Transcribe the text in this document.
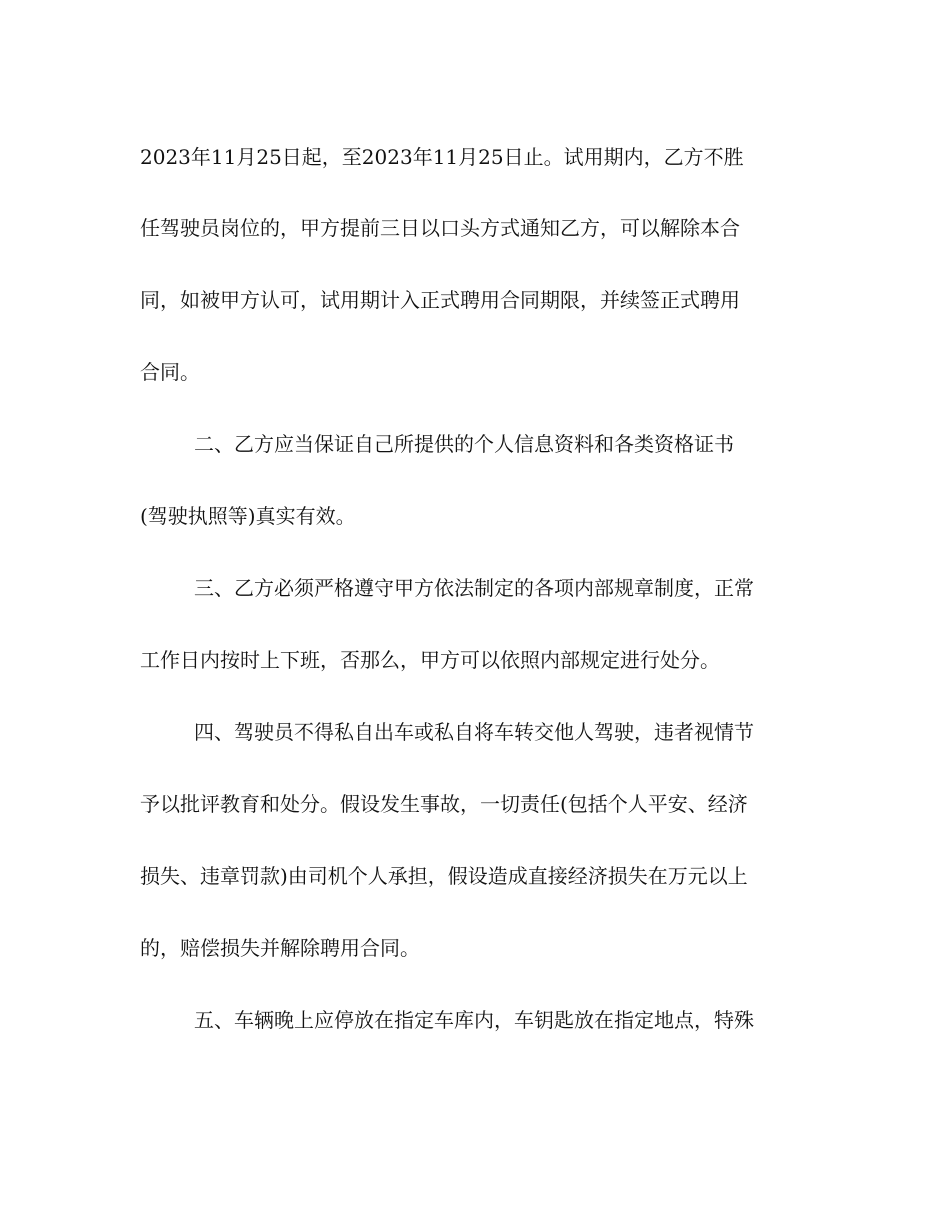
2023年11月25日起，至2023年11月25日止。试用期内，乙方不胜
任驾驶员岗位的，甲方提前三日以口头方式通知乙方，可以解除本合
同，如被甲方认可，试用期计入正式聘用合同期限，并续签正式聘用
合同。
二、乙方应当保证自己所提供的个人信息资料和各类资格证书
(驾驶执照等)真实有效。
三、乙方必须严格遵守甲方依法制定的各项内部规章制度，正常
工作日内按时上下班，否那么，甲方可以依照内部规定进行处分。
四、驾驶员不得私自出车或私自将车转交他人驾驶，违者视情节
予以批评教育和处分。假设发生事故，一切责任(包括个人平安、经济
损失、违章罚款)由司机个人承担，假设造成直接经济损失在万元以上
的，赔偿损失并解除聘用合同。
五、车辆晚上应停放在指定车库内，车钥匙放在指定地点，特殊
